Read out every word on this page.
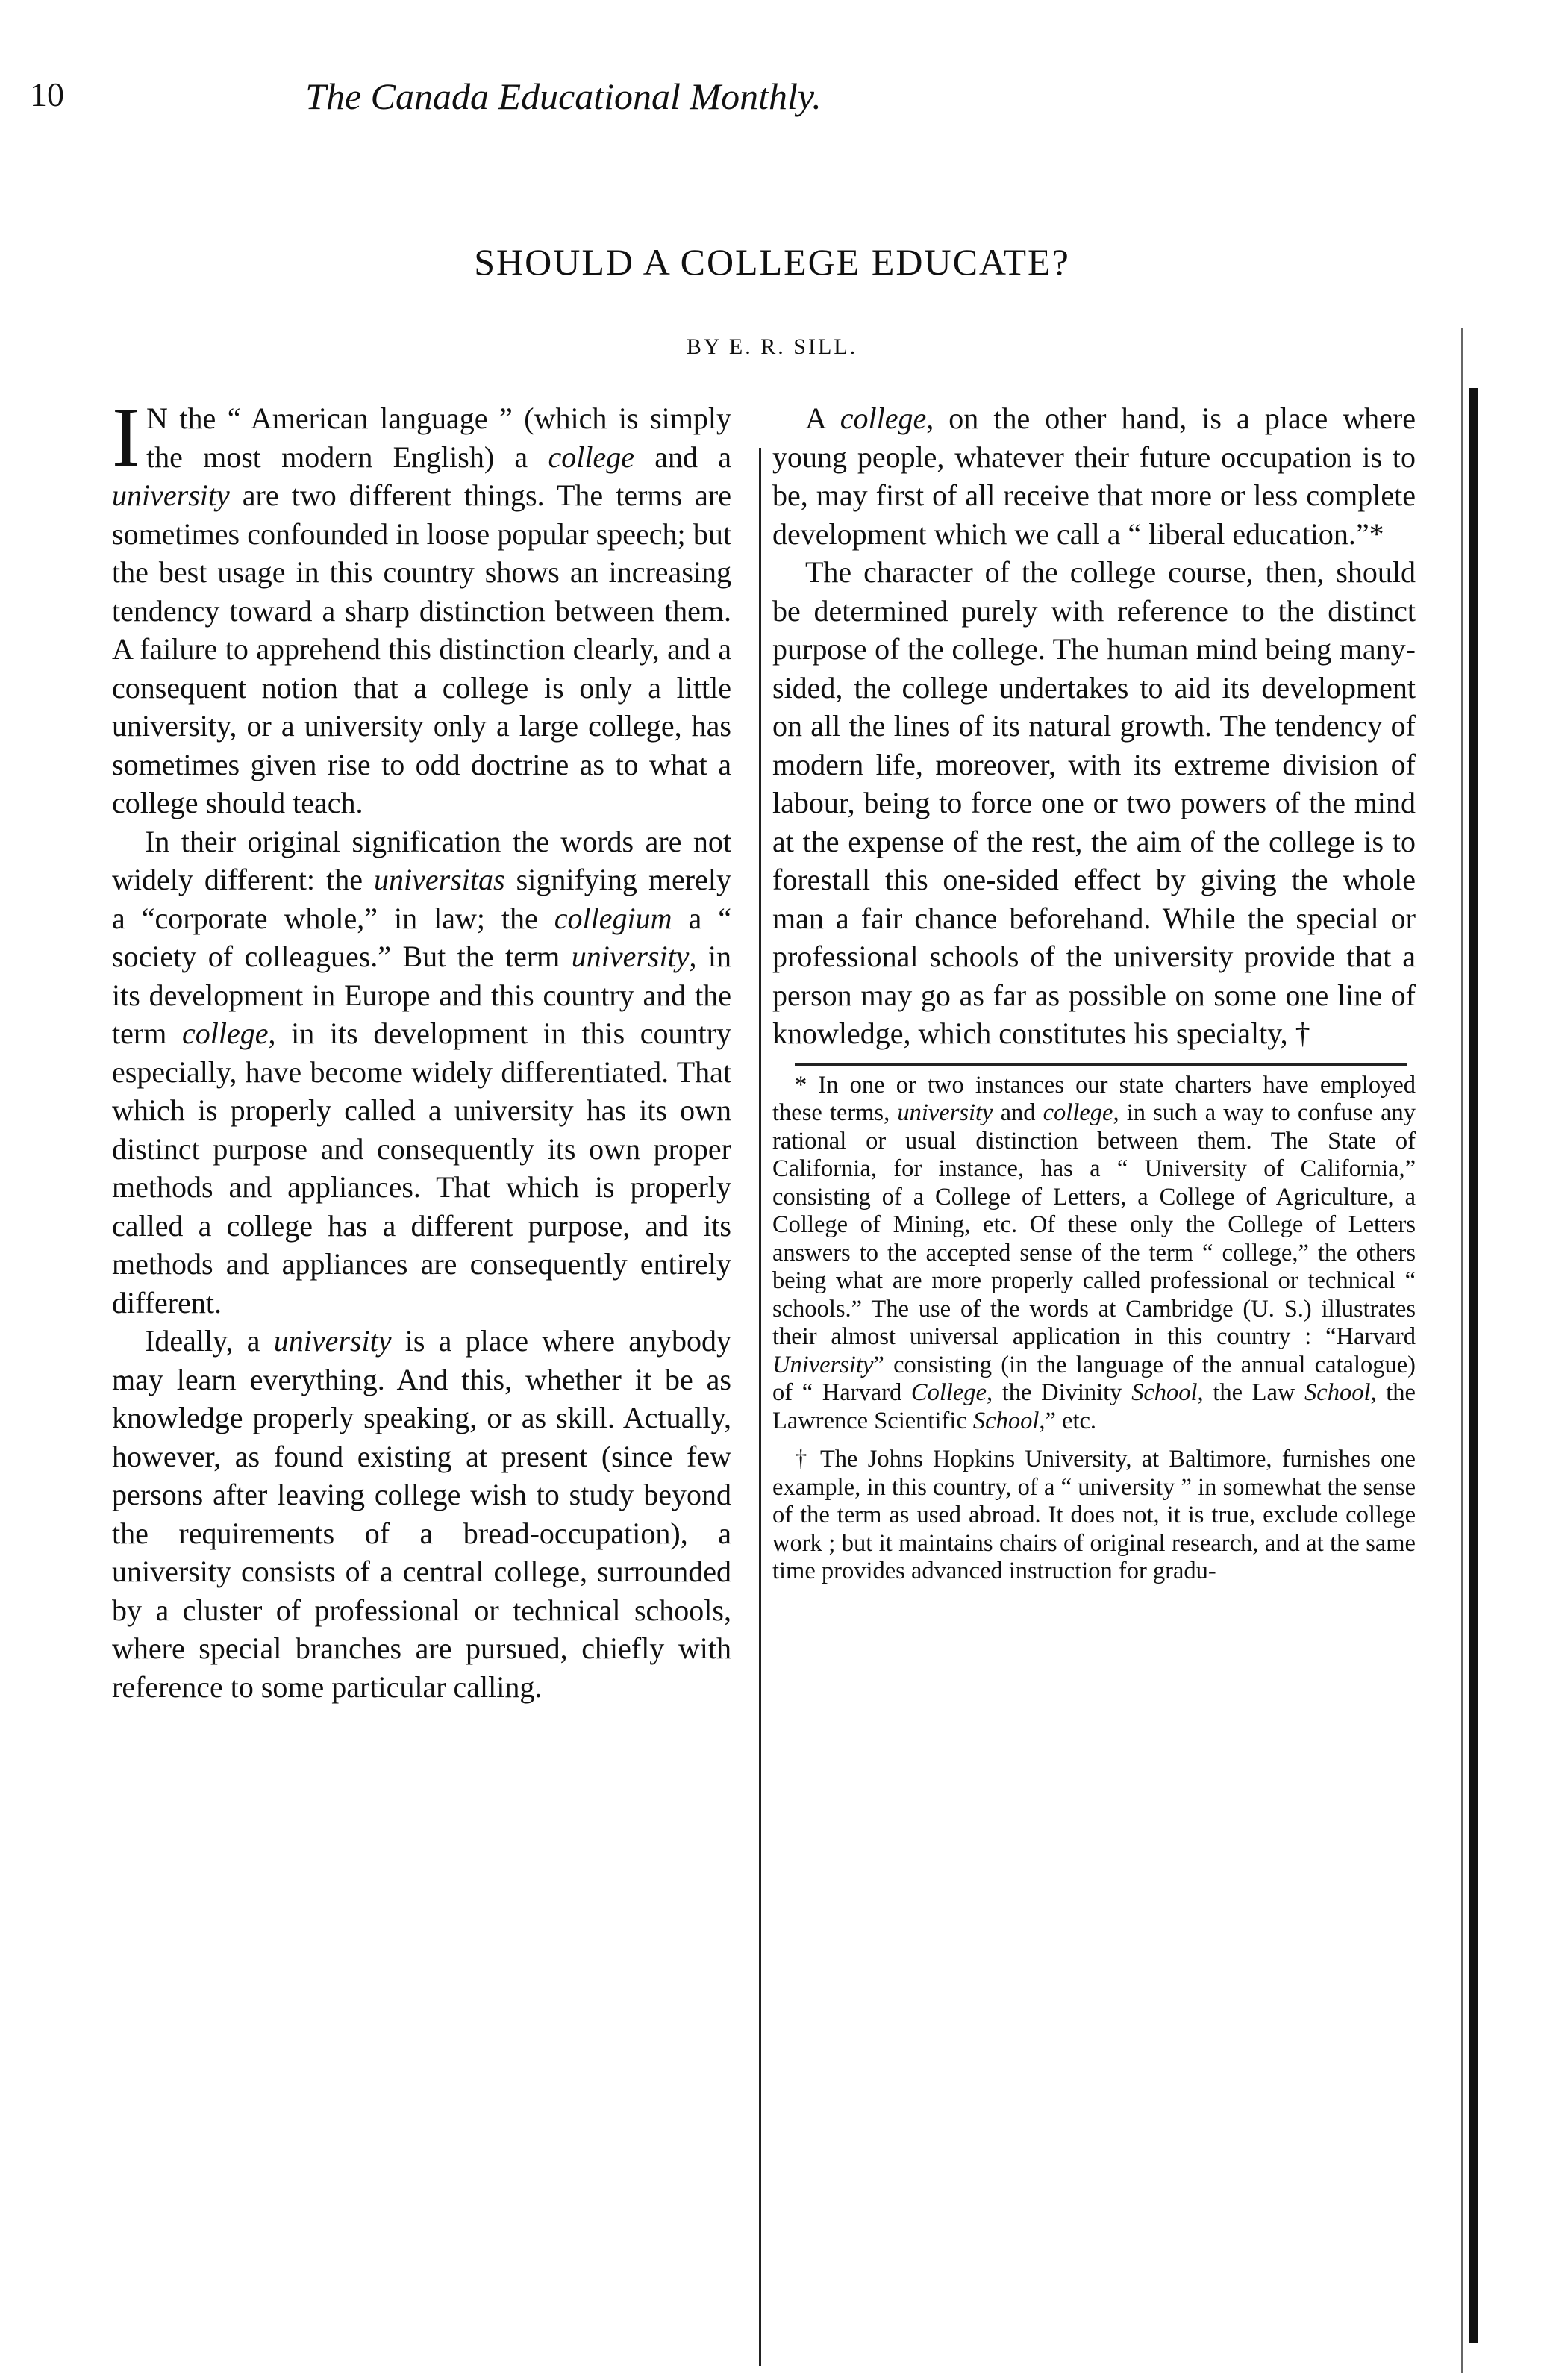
10	The Canada Educational Monthly.
SHOULD A COLLEGE EDUCATE?
BY E. R. SILL.

I N the “ American language ” (which is simply the most modern English) a college and a university are two different things. The terms are sometimes confounded in loose popular speech; but the best usage in this country shows an increasing tendency toward a sharp distinction between them. A failure to apprehend this distinction clearly, and a consequent notion that a college is only a little university, or a university only a large college, has sometimes given rise to odd doctrine as to what a college should teach.

In their original signification the words are not widely different: the universitas signifying merely a “corporate whole,” in law; the collegium a “ society of colleagues.” But the term university, in its development in Europe and this country and the term college, in its development in this country especially, have become widely differentiated. That which is properly called a university has its own distinct purpose and consequently its own proper methods and appliances. That which is properly called a college has a different purpose, and its methods and appliances are consequently entirely different.

Ideally, a university is a place where anybody may learn everything. And this, whether it be as knowledge properly speaking, or as skill. Actually, however, as found existing at present (since few persons after leaving college wish to study beyond the requirements of a bread-occupation), a university consists of a central college, surrounded by a cluster of professional or technical schools, where special branches are pursued, chiefly with reference to some particular calling.

A college, on the other hand, is a place where young people, whatever their future occupation is to be, may first of all receive that more or less complete development which we call a “ liberal education.”*

The character of the college course, then, should be determined purely with reference to the distinct purpose of the college. The human mind being many-sided, the college undertakes to aid its development on all the lines of its natural growth. The tendency of modern life, moreover, with its extreme division of labour, being to force one or two powers of the mind at the expense of the rest, the aim of the college is to forestall this one-sided effect by giving the whole man a fair chance beforehand. While the special or professional schools of the university provide that a person may go as far as possible on some one line of knowledge, which constitutes his specialty, †

* In one or two instances our state charters have employed these terms, university and college, in such a way to confuse any rational or usual distinction between them. The State of California, for instance, has a “ University of California,” consisting of a College of Letters, a College of Agriculture, a College of Mining, etc. Of these only the College of Letters answers to the accepted sense of the term “ college,” the others being what are more properly called professional or technical “ schools.” The use of the words at Cambridge (U. S.) illustrates their almost universal application in this country : “Harvard University” consisting (in the language of the annual catalogue) of “ Harvard College, the Divinity School, the Law School, the Lawrence Scientific School,” etc.

† The Johns Hopkins University, at Baltimore, furnishes one example, in this country, of a “ university ” in somewhat the sense of the term as used abroad. It does not, it is true, exclude college work ; but it maintains chairs of original research, and at the same time provides advanced instruction for gradu-
